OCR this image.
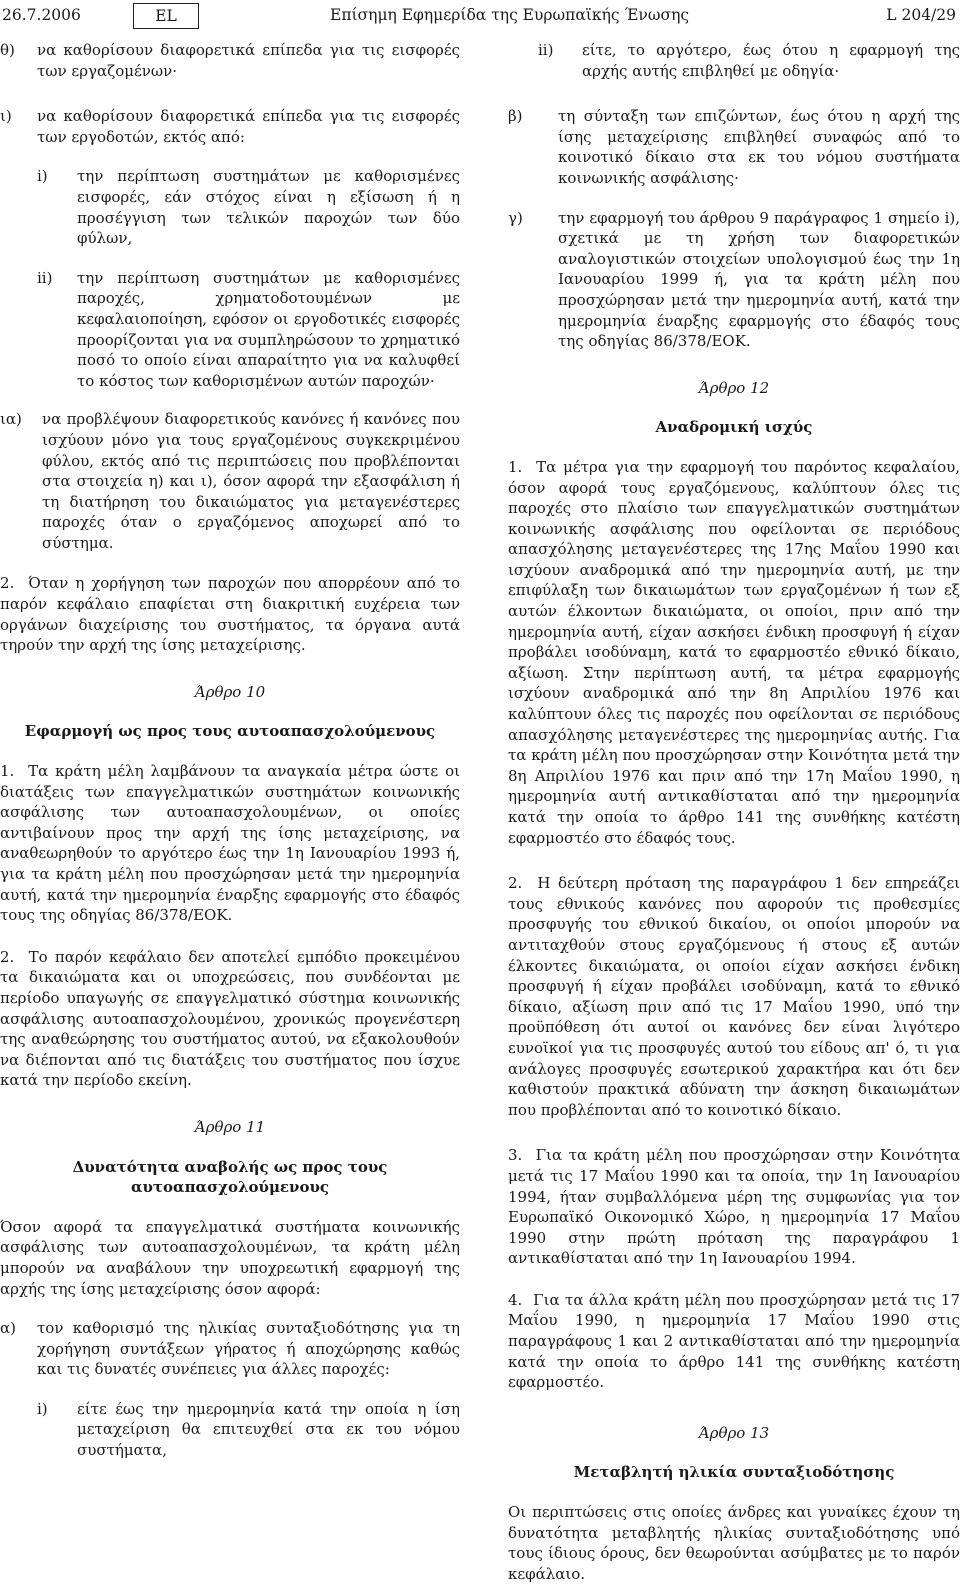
26.7.2006	EL	Επίσημη Εφημερίδα της Ευρωπαϊκής Ένωσης	L 204/29
θ)	να καθορίσουν διαφορετικά επίπεδα για τις εισφορές των εργαζομένων·
ι)	να καθορίσουν διαφορετικά επίπεδα για τις εισφορές των εργοδοτών, εκτός από:
i)	την περίπτωση συστημάτων με καθορισμένες εισφορές, εάν στόχος είναι η εξίσωση ή η προσέγγιση των τελικών παροχών των δύο φύλων,
ii)	την περίπτωση συστημάτων με καθορισμένες παροχές, χρηματοδοτουμένων με κεφαλαιοποίηση, εφόσον οι εργοδοτικές εισφορές προορίζονται για να συμπληρώσουν το χρηματικό ποσό το οποίο είναι απαραίτητο για να καλυφθεί το κόστος των καθορισμένων αυτών παροχών·
ια)	να προβλέψουν διαφορετικούς κανόνες ή κανόνες που ισχύουν μόνο για τους εργαζομένους συγκεκριμένου φύλου, εκτός από τις περιπτώσεις που προβλέπονται στα στοιχεία η) και ι), όσον αφορά την εξασφάλιση ή τη διατήρηση του δικαιώματος για μεταγενέστερες παροχές όταν ο εργαζόμενος αποχωρεί από το σύστημα.
2.  Όταν η χορήγηση των παροχών που απορρέουν από το παρόν κεφάλαιο επαφίεται στη διακριτική ευχέρεια των οργάνων διαχείρισης του συστήματος, τα όργανα αυτά τηρούν την αρχή της ίσης μεταχείρισης.
Άρθρο 10
Εφαρμογή ως προς τους αυτοαπασχολούμενους
1.  Τα κράτη μέλη λαμβάνουν τα αναγκαία μέτρα ώστε οι διατάξεις των επαγγελματικών συστημάτων κοινωνικής ασφάλισης των αυτοαπασχολουμένων, οι οποίες αντιβαίνουν προς την αρχή της ίσης μεταχείρισης, να αναθεωρηθούν το αργότερο έως την 1η Ιανουαρίου 1993 ή, για τα κράτη μέλη που προσχώρησαν μετά την ημερομηνία αυτή, κατά την ημερομηνία έναρξης εφαρμογής στο έδαφός τους της οδηγίας 86/378/ΕΟΚ.
2.  Το παρόν κεφάλαιο δεν αποτελεί εμπόδιο προκειμένου τα δικαιώματα και οι υποχρεώσεις, που συνδέονται με περίοδο υπαγωγής σε επαγγελματικό σύστημα κοινωνικής ασφάλισης αυτοαπασχολουμένου, χρονικώς προγενέστερη της αναθεώρησης του συστήματος αυτού, να εξακολουθούν να διέπονται από τις διατάξεις του συστήματος που ίσχυε κατά την περίοδο εκείνη.
Άρθρο 11
Δυνατότητα αναβολής ως προς τους αυτοαπασχολούμενους
Όσον αφορά τα επαγγελματικά συστήματα κοινωνικής ασφάλισης των αυτοαπασχολουμένων, τα κράτη μέλη μπορούν να αναβάλουν την υποχρεωτική εφαρμογή της αρχής της ίσης μεταχείρισης όσον αφορά:
α)	τον καθορισμό της ηλικίας συνταξιοδότησης για τη χορήγηση συντάξεων γήρατος ή αποχώρησης καθώς και τις δυνατές συνέπειες για άλλες παροχές:
i)	είτε έως την ημερομηνία κατά την οποία η ίση μεταχείριση θα επιτευχθεί στα εκ του νόμου συστήματα,
ii)	είτε, το αργότερο, έως ότου η εφαρμογή της αρχής αυτής επιβληθεί με οδηγία·
β)	τη σύνταξη των επιζώντων, έως ότου η αρχή της ίσης μεταχείρισης επιβληθεί συναφώς από το κοινοτικό δίκαιο στα εκ του νόμου συστήματα κοινωνικής ασφάλισης·
γ)	την εφαρμογή του άρθρου 9 παράγραφος 1 σημείο i), σχετικά με τη χρήση των διαφορετικών αναλογιστικών στοιχείων υπολογισμού έως την 1η Ιανουαρίου 1999 ή, για τα κράτη μέλη που προσχώρησαν μετά την ημερομηνία αυτή, κατά την ημερομηνία έναρξης εφαρμογής στο έδαφός τους της οδηγίας 86/378/ΕΟΚ.
Άρθρο 12
Αναδρομική ισχύς
1.  Τα μέτρα για την εφαρμογή του παρόντος κεφαλαίου, όσον αφορά τους εργαζόμενους, καλύπτουν όλες τις παροχές στο πλαίσιο των επαγγελματικών συστημάτων κοινωνικής ασφάλισης που οφείλονται σε περιόδους απασχόλησης μεταγενέστερες της 17ης Μαΐου 1990 και ισχύουν αναδρομικά από την ημερομηνία αυτή, με την επιφύλαξη των δικαιωμάτων των εργαζομένων ή των εξ αυτών έλκοντων δικαιώματα, οι οποίοι, πριν από την ημερομηνία αυτή, είχαν ασκήσει ένδικη προσφυγή ή είχαν προβάλει ισοδύναμη, κατά το εφαρμοστέο εθνικό δίκαιο, αξίωση. Στην περίπτωση αυτή, τα μέτρα εφαρμογής ισχύουν αναδρομικά από την 8η Απριλίου 1976 και καλύπτουν όλες τις παροχές που οφείλονται σε περιόδους απασχόλησης μεταγενέστερες της ημερομηνίας αυτής. Για τα κράτη μέλη που προσχώρησαν στην Κοινότητα μετά την 8η Απριλίου 1976 και πριν από την 17η Μαΐου 1990, η ημερομηνία αυτή αντικαθίσταται από την ημερομηνία κατά την οποία το άρθρο 141 της συνθήκης κατέστη εφαρμοστέο στο έδαφός τους.
2.  Η δεύτερη πρόταση της παραγράφου 1 δεν επηρεάζει τους εθνικούς κανόνες που αφορούν τις προθεσμίες προσφυγής του εθνικού δικαίου, οι οποίοι μπορούν να αντιταχθούν στους εργαζόμενους ή στους εξ αυτών έλκοντες δικαιώματα, οι οποίοι είχαν ασκήσει ένδικη προσφυγή ή είχαν προβάλει ισοδύναμη, κατά το εθνικό δίκαιο, αξίωση πριν από τις 17 Μαΐου 1990, υπό την προϋπόθεση ότι αυτοί οι κανόνες δεν είναι λιγότερο ευνοϊκοί για τις προσφυγές αυτού του είδους απ' ό, τι για ανάλογες προσφυγές εσωτερικού χαρακτήρα και ότι δεν καθιστούν πρακτικά αδύνατη την άσκηση δικαιωμάτων που προβλέπονται από το κοινοτικό δίκαιο.
3.  Για τα κράτη μέλη που προσχώρησαν στην Κοινότητα μετά τις 17 Μαΐου 1990 και τα οποία, την 1η Ιανουαρίου 1994, ήταν συμβαλλόμενα μέρη της συμφωνίας για τον Ευρωπαϊκό Οικονομικό Χώρο, η ημερομηνία 17 Μαΐου 1990 στην πρώτη πρόταση της παραγράφου 1 αντικαθίσταται από την 1η Ιανουαρίου 1994.
4.  Για τα άλλα κράτη μέλη που προσχώρησαν μετά τις 17 Μαΐου 1990, η ημερομηνία 17 Μαΐου 1990 στις παραγράφους 1 και 2 αντικαθίσταται από την ημερομηνία κατά την οποία το άρθρο 141 της συνθήκης κατέστη εφαρμοστέο.
Άρθρο 13
Μεταβλητή ηλικία συνταξιοδότησης
Οι περιπτώσεις στις οποίες άνδρες και γυναίκες έχουν τη δυνατότητα μεταβλητής ηλικίας συνταξιοδότησης υπό τους ίδιους όρους, δεν θεωρούνται ασύμβατες με το παρόν κεφάλαιο.
